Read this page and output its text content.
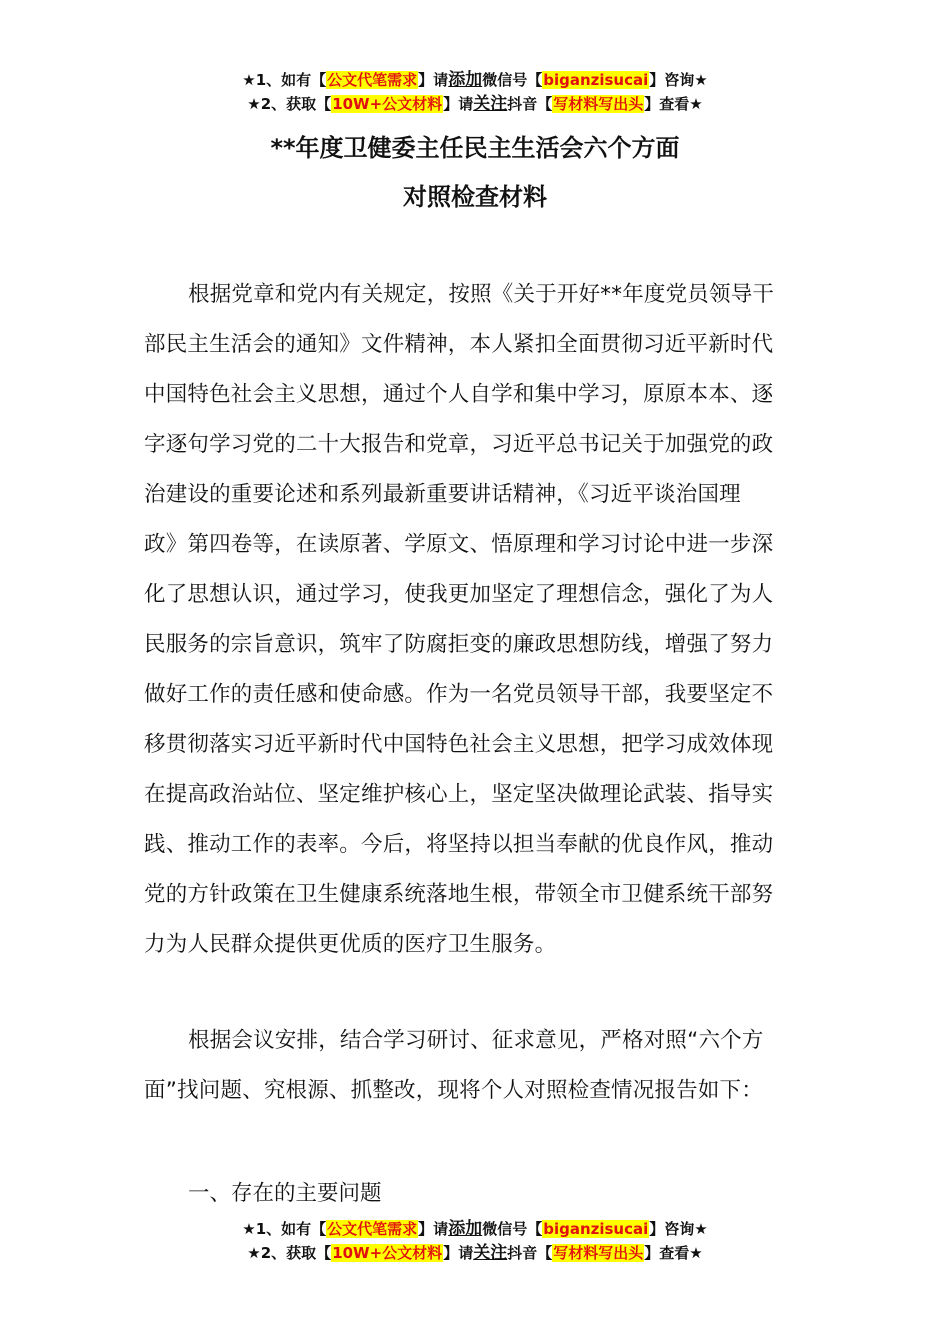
★1、如有【公文代笔需求】请添加微信号【biganzisucai】咨询★
★2、获取【10W+公文材料】请关注抖音【写材料写出头】查看★
**年度卫健委主任民主生活会六个方面
对照检查材料
根据党章和党内有关规定，按照《关于开好**年度党员领导干
部民主生活会的通知》文件精神，本人紧扣全面贯彻习近平新时代
中国特色社会主义思想，通过个人自学和集中学习，原原本本、逐
字逐句学习党的二十大报告和党章，习近平总书记关于加强党的政
治建设的重要论述和系列最新重要讲话精神，《习近平谈治国理
政》第四卷等，在读原著、学原文、悟原理和学习讨论中进一步深
化了思想认识，通过学习，使我更加坚定了理想信念，强化了为人
民服务的宗旨意识，筑牢了防腐拒变的廉政思想防线，增强了努力
做好工作的责任感和使命感。作为一名党员领导干部，我要坚定不
移贯彻落实习近平新时代中国特色社会主义思想，把学习成效体现
在提高政治站位、坚定维护核心上，坚定坚决做理论武装、指导实
践、推动工作的表率。今后，将坚持以担当奉献的优良作风，推动
党的方针政策在卫生健康系统落地生根，带领全市卫健系统干部努
力为人民群众提供更优质的医疗卫生服务。
根据会议安排，结合学习研讨、征求意见，严格对照“六个方
面”找问题、究根源、抓整改，现将个人对照检查情况报告如下：
一、存在的主要问题
★1、如有【公文代笔需求】请添加微信号【biganzisucai】咨询★
★2、获取【10W+公文材料】请关注抖音【写材料写出头】查看★
